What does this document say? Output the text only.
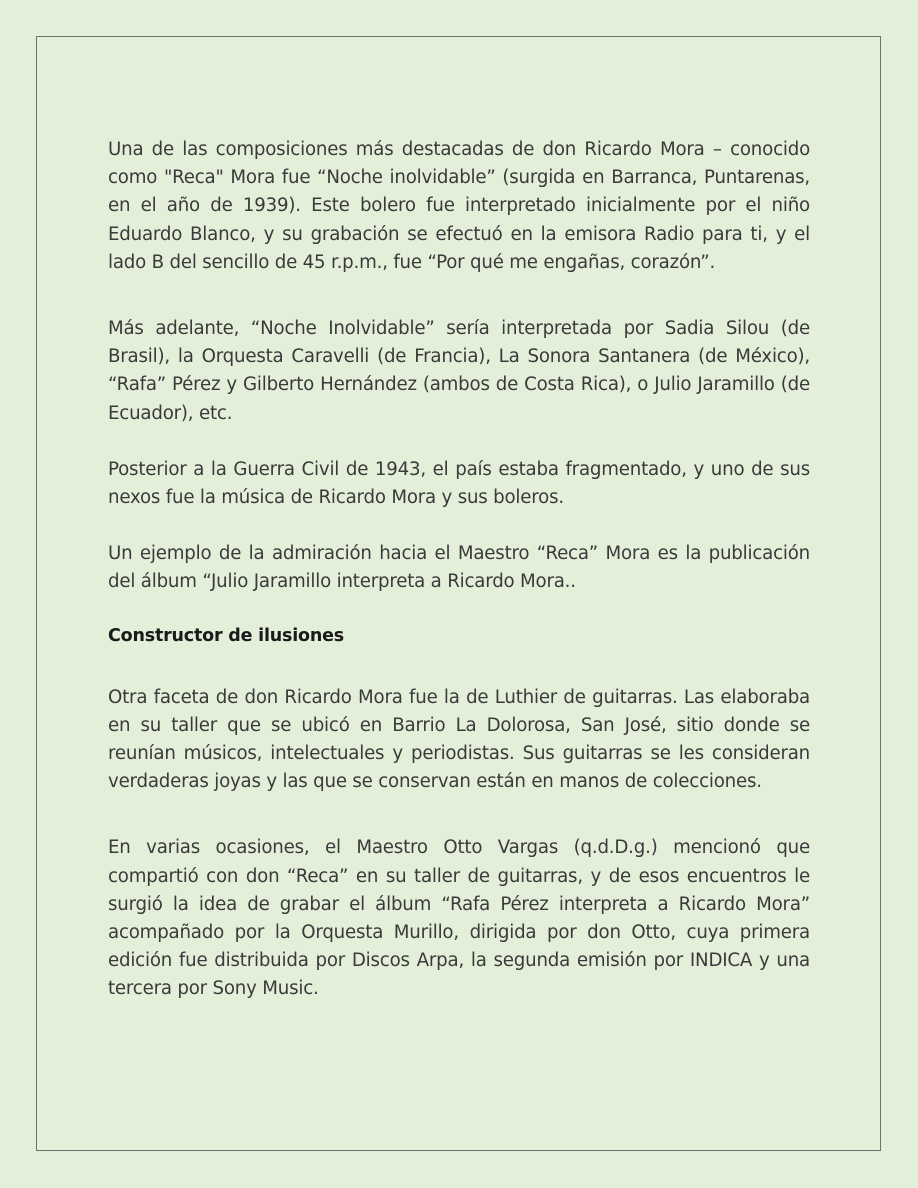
Una de las composiciones más destacadas de don Ricardo Mora – conocido como "Reca" Mora fue “Noche inolvidable” (surgida en Barranca, Puntarenas, en el año de 1939). Este bolero fue interpretado inicialmente por el niño Eduardo Blanco, y su grabación se efectuó en la emisora Radio para ti, y el lado B del sencillo de 45 r.p.m., fue “Por qué me engañas, corazón”.

Más adelante, “Noche Inolvidable” sería interpretada por Sadia Silou (de Brasil), la Orquesta Caravelli (de Francia), La Sonora Santanera (de México), “Rafa” Pérez y Gilberto Hernández (ambos de Costa Rica), o Julio Jaramillo (de Ecuador), etc.

Posterior a la Guerra Civil de 1943, el país estaba fragmentado, y uno de sus nexos fue la música de Ricardo Mora y sus boleros.

Un ejemplo de la admiración hacia el Maestro “Reca” Mora es la publicación del álbum “Julio Jaramillo interpreta a Ricardo Mora..

Constructor de ilusiones

Otra faceta de don Ricardo Mora fue la de Luthier de guitarras. Las elaboraba en su taller que se ubicó en Barrio La Dolorosa, San José, sitio donde se reunían músicos, intelectuales y periodistas. Sus guitarras se les consideran verdaderas joyas y las que se conservan están en manos de colecciones.

En varias ocasiones, el Maestro Otto Vargas (q.d.D.g.) mencionó que compartió con don “Reca” en su taller de guitarras, y de esos encuentros le surgió la idea de grabar el álbum “Rafa Pérez interpreta a Ricardo Mora” acompañado por la Orquesta Murillo, dirigida por don Otto, cuya primera edición fue distribuida por Discos Arpa, la segunda emisión por INDICA y una tercera por Sony Music.
